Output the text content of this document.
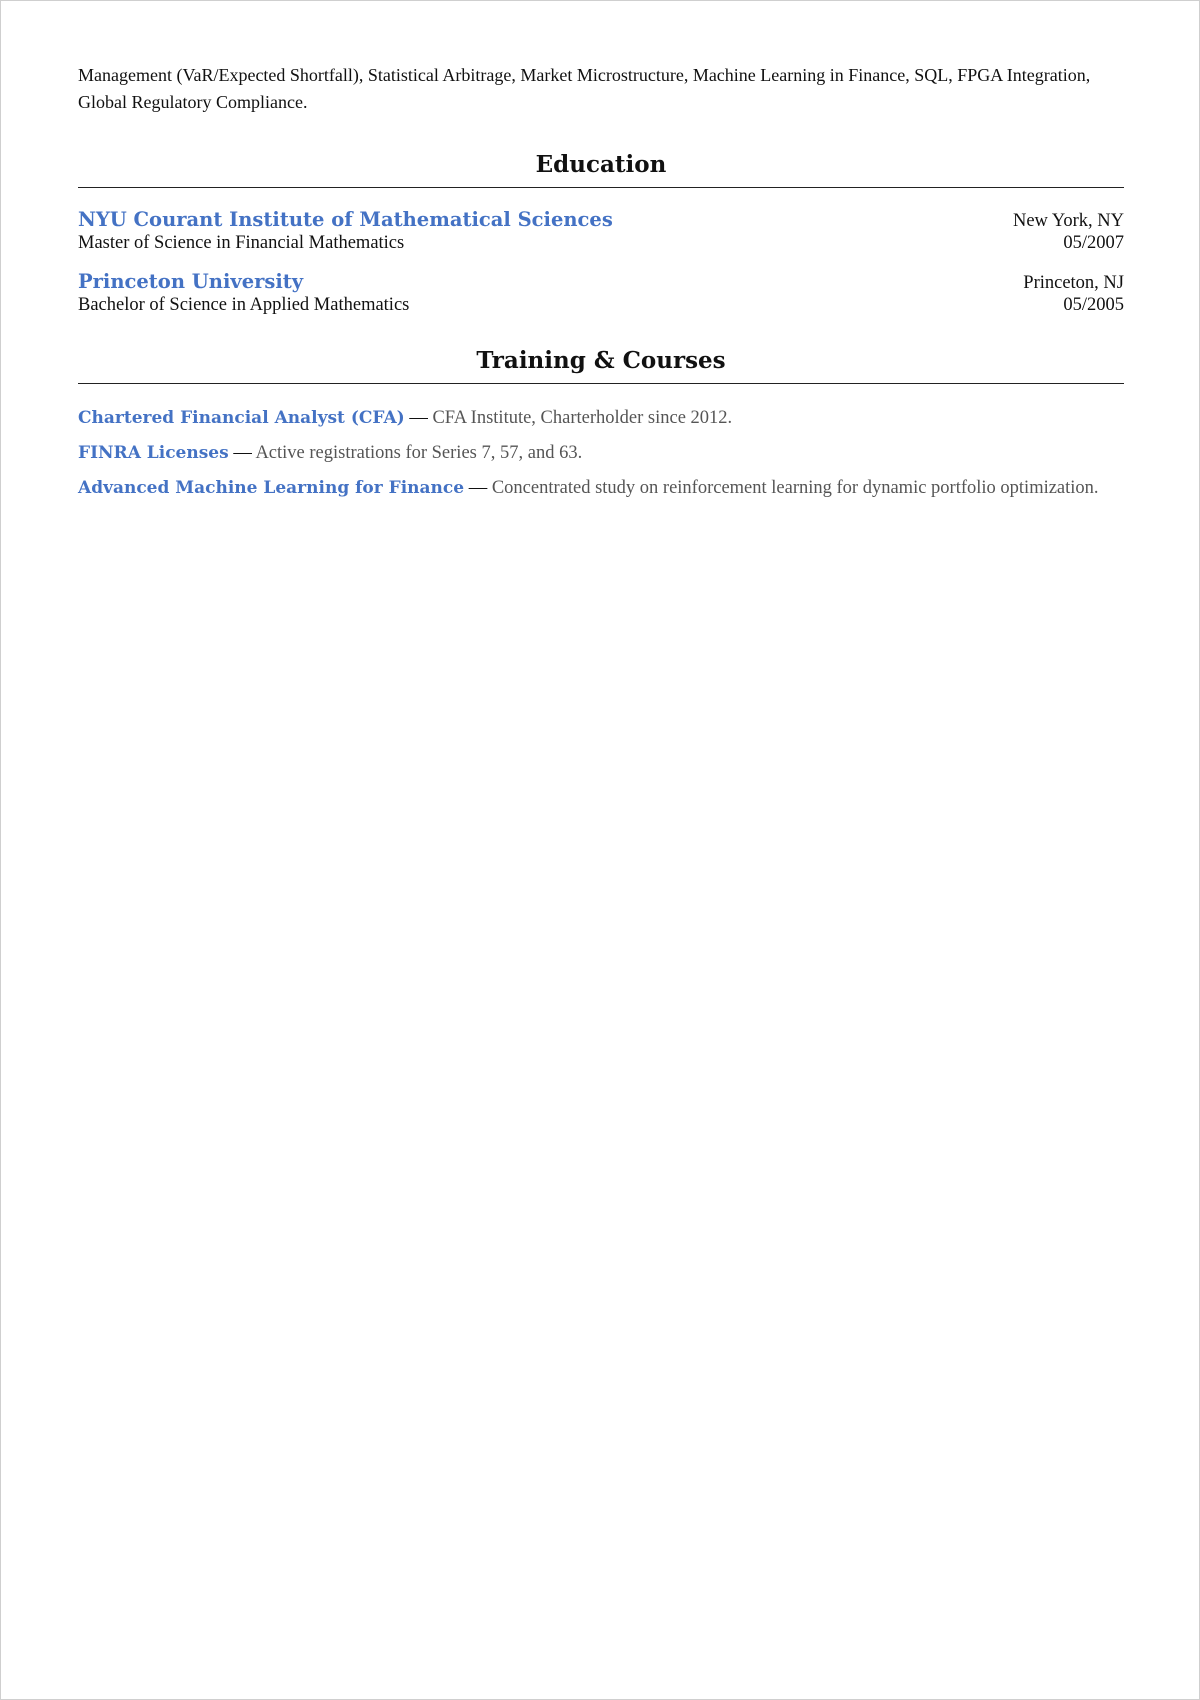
Management (VaR/Expected Shortfall), Statistical Arbitrage, Market Microstructure, Machine Learning in Finance, SQL, FPGA Integration, Global Regulatory Compliance.

Education
NYU Courant Institute of Mathematical Sciences	New York, NY
Master of Science in Financial Mathematics	05/2007
Princeton University	Princeton, NJ
Bachelor of Science in Applied Mathematics	05/2005
Training & Courses
Chartered Financial Analyst (CFA) — CFA Institute, Charterholder since 2012.
FINRA Licenses — Active registrations for Series 7, 57, and 63.
Advanced Machine Learning for Finance — Concentrated study on reinforcement learning for dynamic portfolio optimization.
